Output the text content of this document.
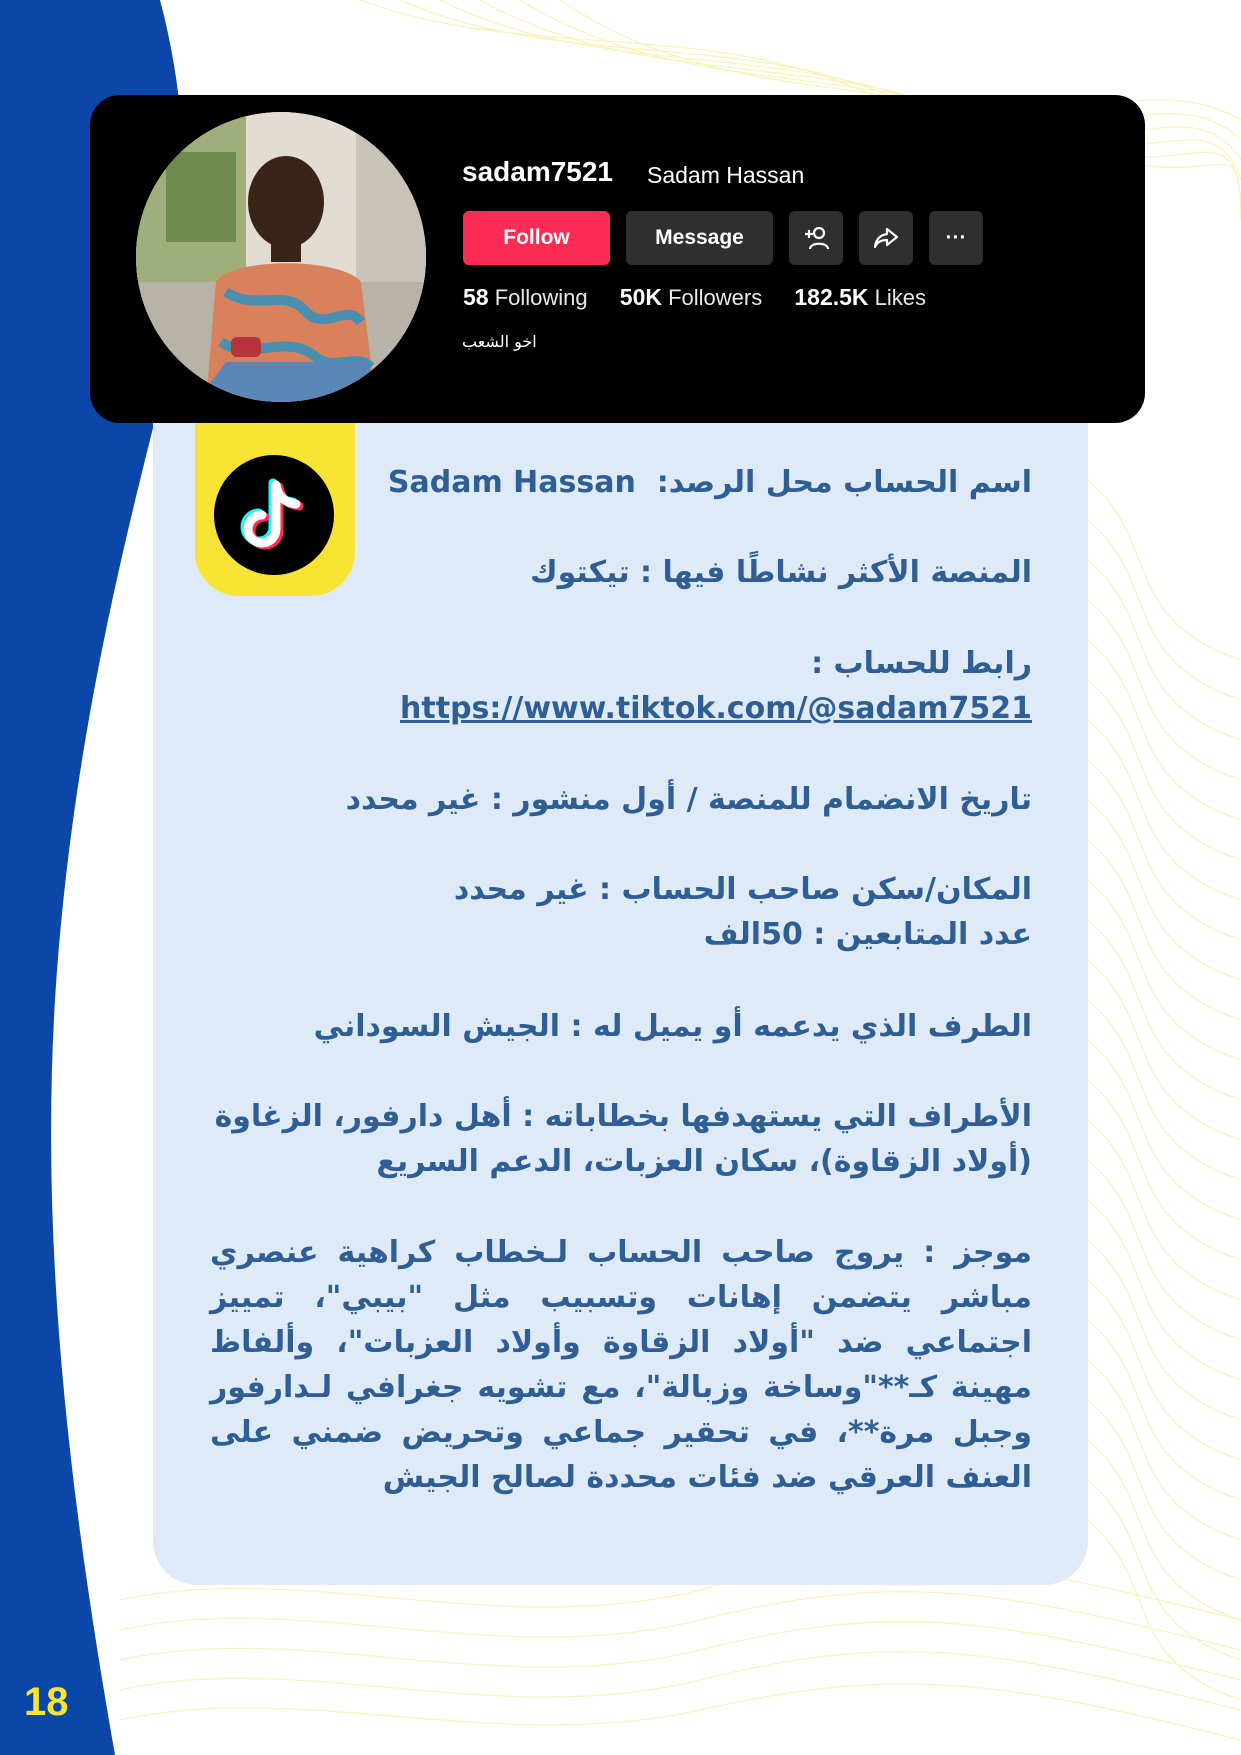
sadam7521 Sadam Hassan
Follow	Message	···
58 Following 50K Followers 182.5K Likes
اخو الشعب

اسم الحساب محل الرصد:  Sadam Hassan

المنصة الأكثر نشاطًا فيها : تيكتوك

رابط للحساب :

https://www.tiktok.com/@sadam7521

تاريخ الانضمام للمنصة / أول منشور : غير محدد

المكان/سكن صاحب الحساب : غير محدد

عدد المتابعين : 50الف

الطرف الذي يدعمه أو يميل له : الجيش السوداني

الأطراف التي يستهدفها بخطاباته : أهل دارفور، الزغاوة (أولاد الزقاوة)، سكان العزبات، الدعم السريع

موجز : يروج صاحب الحساب لـخطاب كراهية عنصري مباشر يتضمن إهانات وتسبيب مثل "بيبي"، تمييز اجتماعي ضد "أولاد الزقاوة وأولاد العزبات"، وألفاظ مهينة كـ**"وساخة وزبالة"، مع تشويه جغرافي لـدارفور وجبل مرة**، في تحقير جماعي وتحريض ضمني على العنف العرقي ضد فئات محددة لصالح الجيش

18
